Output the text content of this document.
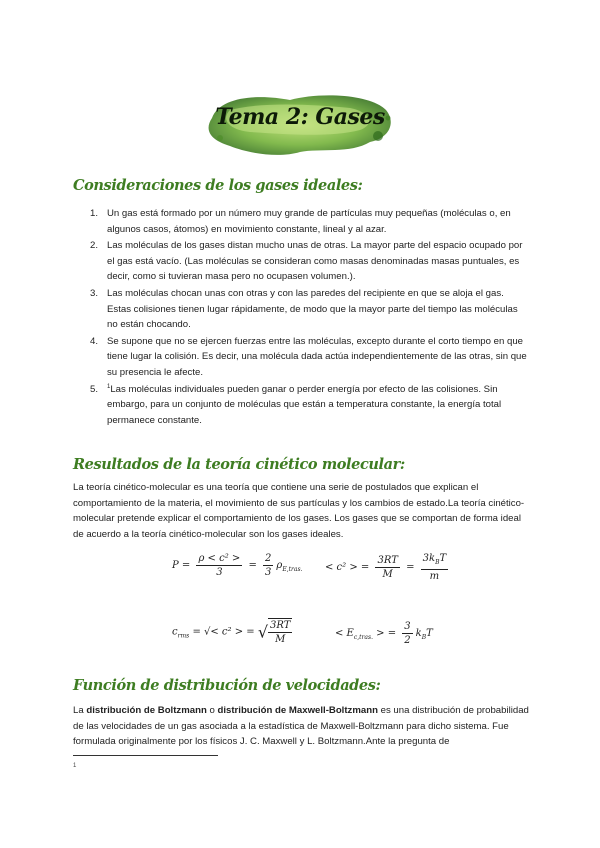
Tema 2: Gases
Consideraciones de los gases ideales:
1. Un gas está formado por un número muy grande de partículas muy pequeñas (moléculas o, en algunos casos, átomos) en movimiento constante, lineal y al azar.
2. Las moléculas de los gases distan mucho unas de otras. La mayor parte del espacio ocupado por el gas está vacío. (Las moléculas se consideran como masas denominadas masas puntuales, es decir, como si tuvieran masa pero no ocupasen volumen.).
3. Las moléculas chocan unas con otras y con las paredes del recipiente en que se aloja el gas. Estas colisiones tienen lugar rápidamente, de modo que la mayor parte del tiempo las moléculas no están chocando.
4. Se supone que no se ejercen fuerzas entre las moléculas, excepto durante el corto tiempo en que tiene lugar la colisión. Es decir, una molécula dada actúa independientemente de las otras, sin que su presencia le afecte.
5. $^1$Las moléculas individuales pueden ganar o perder energía por efecto de las colisiones. Sin embargo, para un conjunto de moléculas que están a temperatura constante, la energía total permanece constante.
Resultados de la teoría cinético molecular:
La teoría cinético-molecular es una teoría que contiene una serie de postulados que explican el comportamiento de la materia, el movimiento de sus partículas y los cambios de estado.La teoría cinético-molecular pretende explicar el comportamiento de los gases. Los gases que se comportan de forma ideal de acuerdo a la teoría cinético-molecular son los gases ideales.
$P = \frac{\text{ρ < c² >}}{3} = \frac{2}{3} \rho_{E,tras.} < c^2$ > = $\frac{3RT}{M} = \frac{3k_BT}{m}$
$c_{rms}$ = √< c² > = √ $\frac{3RT}{M}$	< $E_{c,tras.}$ > = $\frac{3}{2} k_BT$
Función de distribución de velocidades:
La distribución de Boltzmann o distribución de Maxwell-Boltzmann es una distribución de probabilidad de las velocidades de un gas asociada a la estadística de Maxwell-Boltzmann para dicho sistema. Fue formulada originalmente por los físicos J. C. Maxwell y L. Boltzmann.Ante la pregunta de
1
